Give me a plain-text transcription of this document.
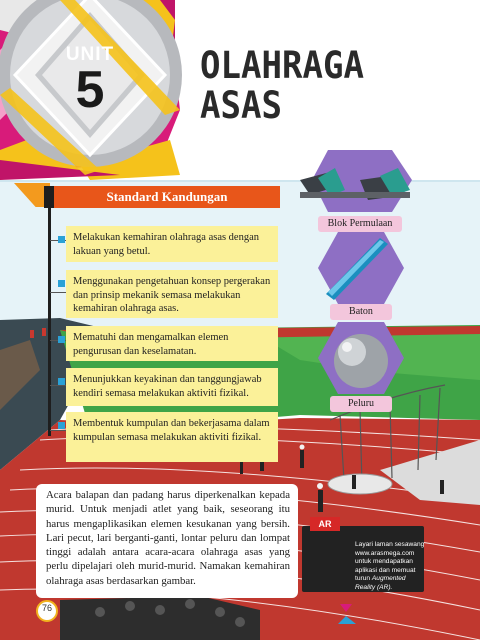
UNIT
5	OLAHRAGA
ASAS
Standard Kandungan
Melakukan kemahiran olahraga asas dengan lakuan yang betul.
Menggunakan pengetahuan konsep pergerakan dan prinsip mekanik semasa melakukan kemahiran olahraga asas.
Mematuhi dan mengamalkan elemen pengurusan dan keselamatan.
Menunjukkan keyakinan dan tanggungjawab kendiri semasa melakukan aktiviti fizikal.
Membentuk kumpulan dan bekerjasama dalam kumpulan semasa melakukan aktiviti fizikal.
Blok Permulaan
Baton
Peluru
Acara balapan dan padang harus diperkenalkan kepada murid. Untuk menjadi atlet yang baik, seseorang itu harus mengaplikasikan elemen kesukanan yang bersih. Lari pecut, lari berganti-ganti, lontar peluru dan lompat tinggi adalah antara acara-acara olahraga asas yang perlu dipelajari oleh murid-murid. Namakan kemahiran olahraga asas berdasarkan gambar.
AR
Layari laman sesawang www.arasmega.com untuk mendapatkan aplikasi dan memuat turun Augmented Reality (AR).
76
